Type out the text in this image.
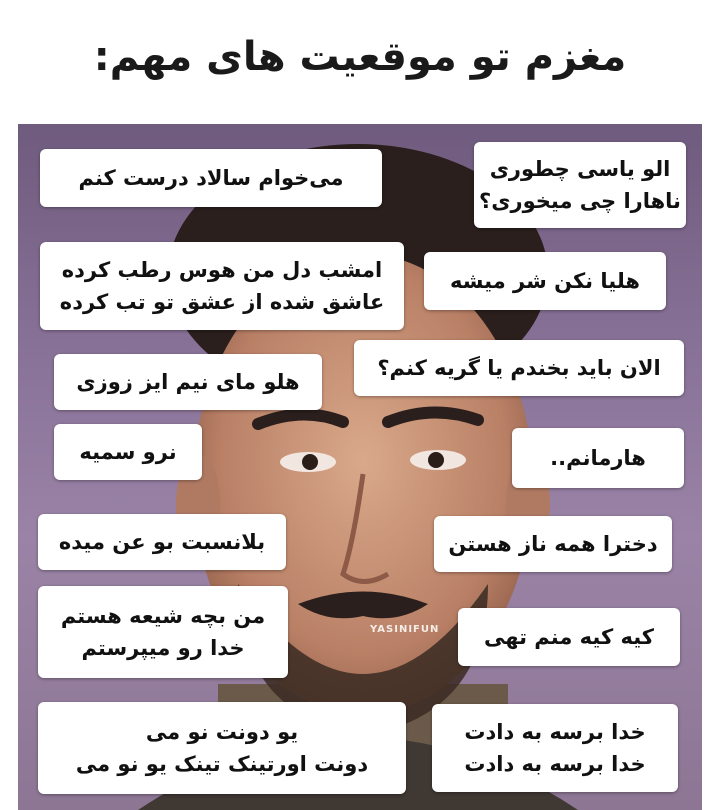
مغزم تو موقعیت های مهم:
YASINIFUN
الو یاسی چطوری
ناهارا چی میخوری؟
می‌خوام سالاد درست کنم
هلیا نکن شر میشه
امشب دل من هوس رطب کرده
عاشق شده از عشق تو تب کرده
الان باید بخندم یا گریه کنم؟
هلو مای نیم ایز زوزی
هارمانم..
نرو سمیه
دخترا همه ناز هستن
بلانسبت بو عن میده
کیه کیه منم تهی
من بچه شیعه هستم
خدا رو میپرستم
خدا برسه به دادت
خدا برسه به دادت
یو دونت نو می
دونت اورتینک تینک یو نو می
